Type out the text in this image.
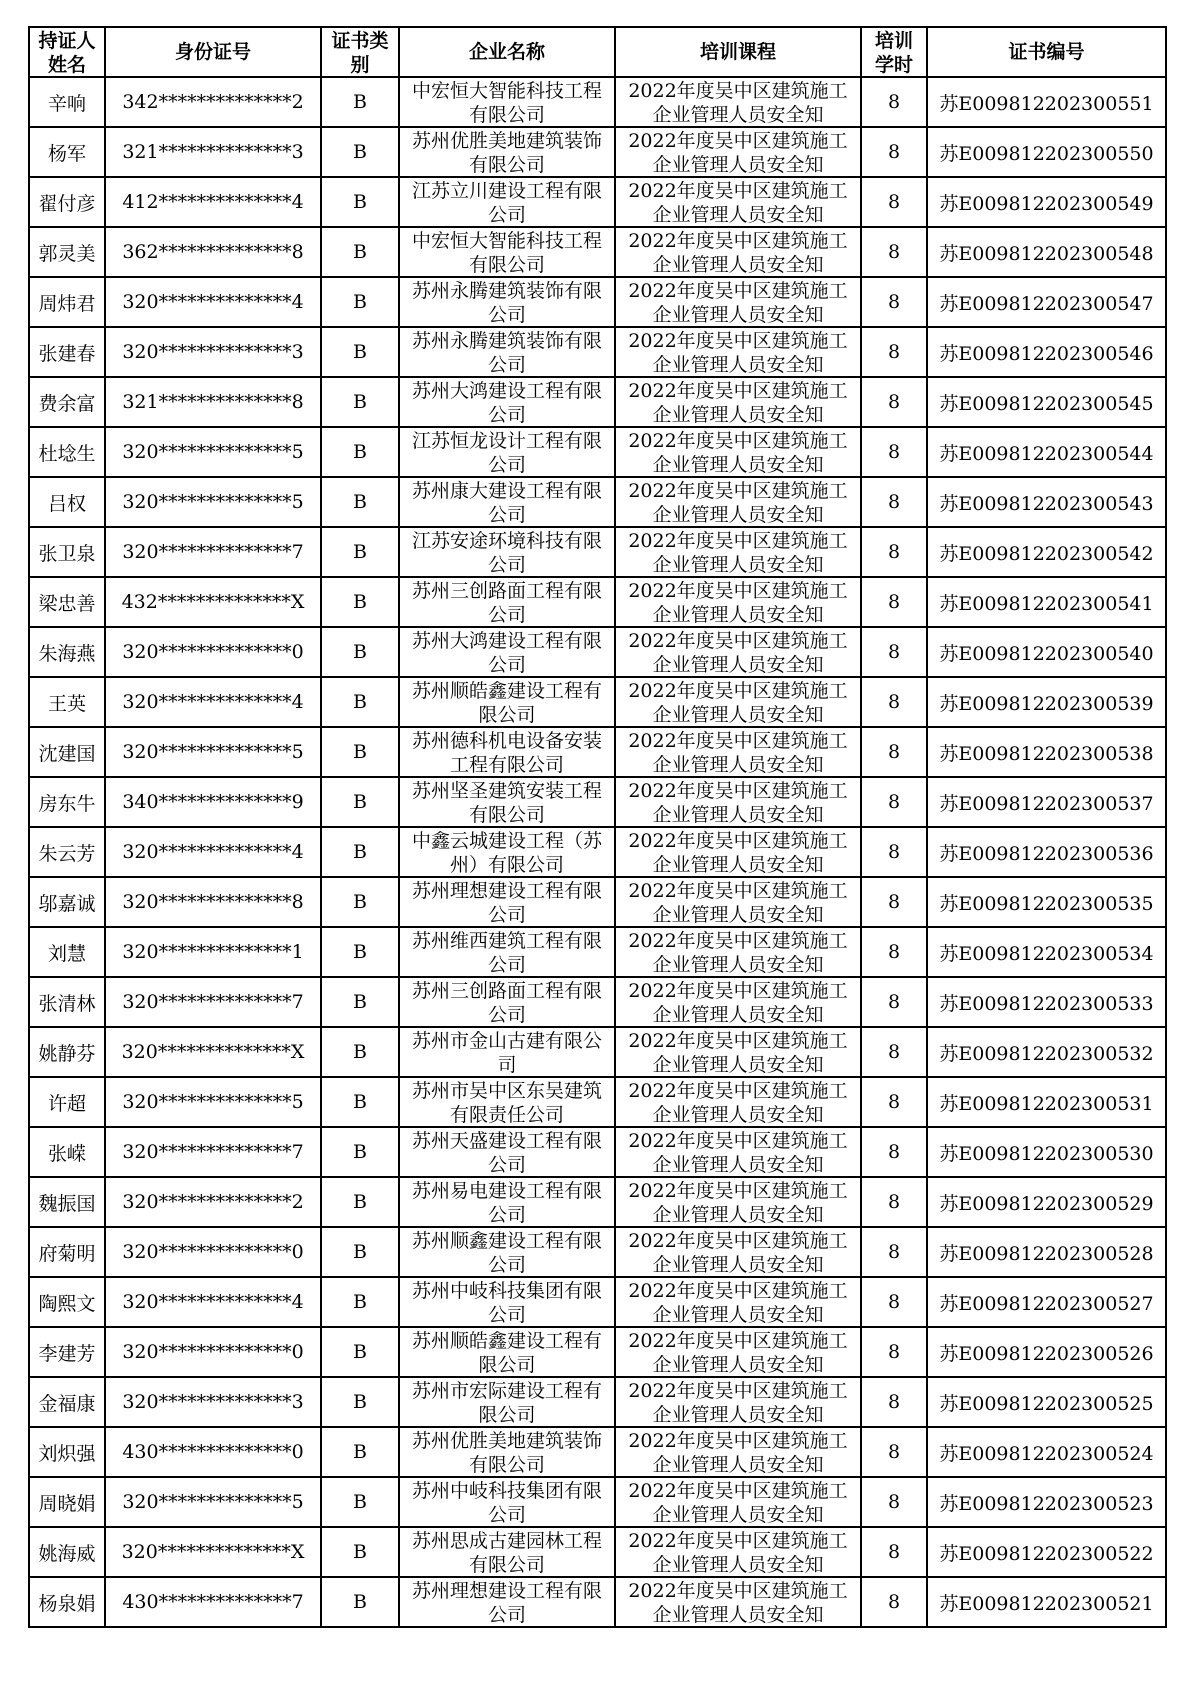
持证人姓名	身份证号	证书类别	企业名称	培训课程	培训学时	证书编号
辛响	342**************2	B	中宏恒大智能科技工程有限公司	2022年度吴中区建筑施工企业管理人员安全知	8	苏E009812202300551
杨军	321**************3	B	苏州优胜美地建筑装饰有限公司	2022年度吴中区建筑施工企业管理人员安全知	8	苏E009812202300550
翟付彦	412**************4	B	江苏立川建设工程有限公司	2022年度吴中区建筑施工企业管理人员安全知	8	苏E009812202300549
郭灵美	362**************8	B	中宏恒大智能科技工程有限公司	2022年度吴中区建筑施工企业管理人员安全知	8	苏E009812202300548
周炜君	320**************4	B	苏州永腾建筑装饰有限公司	2022年度吴中区建筑施工企业管理人员安全知	8	苏E009812202300547
张建春	320**************3	B	苏州永腾建筑装饰有限公司	2022年度吴中区建筑施工企业管理人员安全知	8	苏E009812202300546
费余富	321**************8	B	苏州大鸿建设工程有限公司	2022年度吴中区建筑施工企业管理人员安全知	8	苏E009812202300545
杜埝生	320**************5	B	江苏恒龙设计工程有限公司	2022年度吴中区建筑施工企业管理人员安全知	8	苏E009812202300544
吕权	320**************5	B	苏州康大建设工程有限公司	2022年度吴中区建筑施工企业管理人员安全知	8	苏E009812202300543
张卫泉	320**************7	B	江苏安途环境科技有限公司	2022年度吴中区建筑施工企业管理人员安全知	8	苏E009812202300542
梁忠善	432**************X	B	苏州三创路面工程有限公司	2022年度吴中区建筑施工企业管理人员安全知	8	苏E009812202300541
朱海燕	320**************0	B	苏州大鸿建设工程有限公司	2022年度吴中区建筑施工企业管理人员安全知	8	苏E009812202300540
王英	320**************4	B	苏州顺皓鑫建设工程有限公司	2022年度吴中区建筑施工企业管理人员安全知	8	苏E009812202300539
沈建国	320**************5	B	苏州德科机电设备安装工程有限公司	2022年度吴中区建筑施工企业管理人员安全知	8	苏E009812202300538
房东牛	340**************9	B	苏州坚圣建筑安装工程有限公司	2022年度吴中区建筑施工企业管理人员安全知	8	苏E009812202300537
朱云芳	320**************4	B	中鑫云城建设工程（苏州）有限公司	2022年度吴中区建筑施工企业管理人员安全知	8	苏E009812202300536
邬嘉诚	320**************8	B	苏州理想建设工程有限公司	2022年度吴中区建筑施工企业管理人员安全知	8	苏E009812202300535
刘慧	320**************1	B	苏州维西建筑工程有限公司	2022年度吴中区建筑施工企业管理人员安全知	8	苏E009812202300534
张清林	320**************7	B	苏州三创路面工程有限公司	2022年度吴中区建筑施工企业管理人员安全知	8	苏E009812202300533
姚静芬	320**************X	B	苏州市金山古建有限公司	2022年度吴中区建筑施工企业管理人员安全知	8	苏E009812202300532
许超	320**************5	B	苏州市吴中区东吴建筑有限责任公司	2022年度吴中区建筑施工企业管理人员安全知	8	苏E009812202300531
张嵘	320**************7	B	苏州天盛建设工程有限公司	2022年度吴中区建筑施工企业管理人员安全知	8	苏E009812202300530
魏振国	320**************2	B	苏州易电建设工程有限公司	2022年度吴中区建筑施工企业管理人员安全知	8	苏E009812202300529
府菊明	320**************0	B	苏州顺鑫建设工程有限公司	2022年度吴中区建筑施工企业管理人员安全知	8	苏E009812202300528
陶熙文	320**************4	B	苏州中岐科技集团有限公司	2022年度吴中区建筑施工企业管理人员安全知	8	苏E009812202300527
李建芳	320**************0	B	苏州顺皓鑫建设工程有限公司	2022年度吴中区建筑施工企业管理人员安全知	8	苏E009812202300526
金福康	320**************3	B	苏州市宏际建设工程有限公司	2022年度吴中区建筑施工企业管理人员安全知	8	苏E009812202300525
刘炽强	430**************0	B	苏州优胜美地建筑装饰有限公司	2022年度吴中区建筑施工企业管理人员安全知	8	苏E009812202300524
周晓娟	320**************5	B	苏州中岐科技集团有限公司	2022年度吴中区建筑施工企业管理人员安全知	8	苏E009812202300523
姚海威	320**************X	B	苏州思成古建园林工程有限公司	2022年度吴中区建筑施工企业管理人员安全知	8	苏E009812202300522
杨泉娟	430**************7	B	苏州理想建设工程有限公司	2022年度吴中区建筑施工企业管理人员安全知	8	苏E009812202300521
